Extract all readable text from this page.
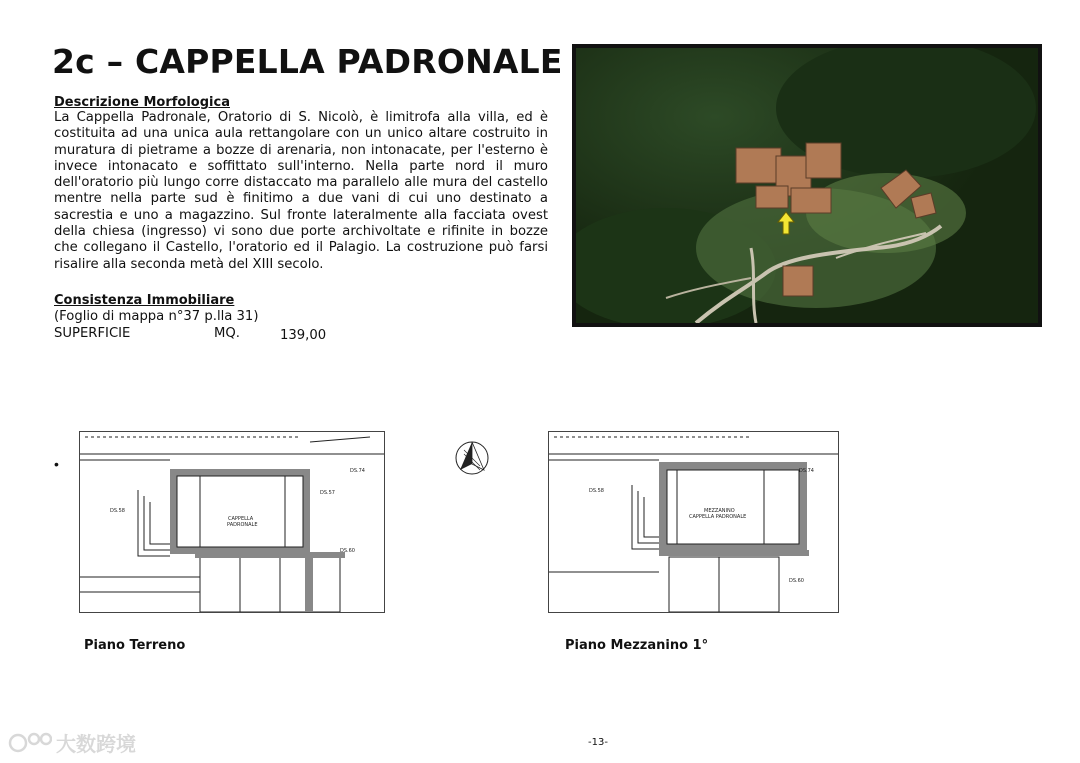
2c – CAPPELLA PADRONALE
Descrizione Morfologica

La Cappella Padronale, Oratorio di S. Nicolò, è limitrofa alla villa, ed è costituita ad una unica aula rettangolare con un unico altare costruito in muratura di pietrame a bozze di arenaria, non intonacate, per l'esterno è invece intonacato e soffittato sull'interno. Nella parte nord il muro dell'oratorio più lungo corre distaccato ma parallelo alle mura del castello mentre nella parte sud è finitimo a due vani di cui uno destinato a sacrestia e uno a magazzino. Sul fronte lateralmente alla facciata ovest della chiesa (ingresso) vi sono due porte archivoltate e rifinite in bozze che collegano il Castello, l'oratorio ed il Palagio. La costruzione può farsi risalire alla seconda metà del XIII secolo.

Consistenza Immobiliare
(Foglio di mappa n°37 p.lla 31)
SUPERFICIE	MQ.	139,00
•
CAPPELLA
PADRONALE
DS.74
DS.57
DS.58
DS.60
MEZZANINO
CAPPELLA PADRONALE
DS.74
DS.58
DS.60
Piano Terreno	Piano Mezzanino 1°
大数跨境	-13-
